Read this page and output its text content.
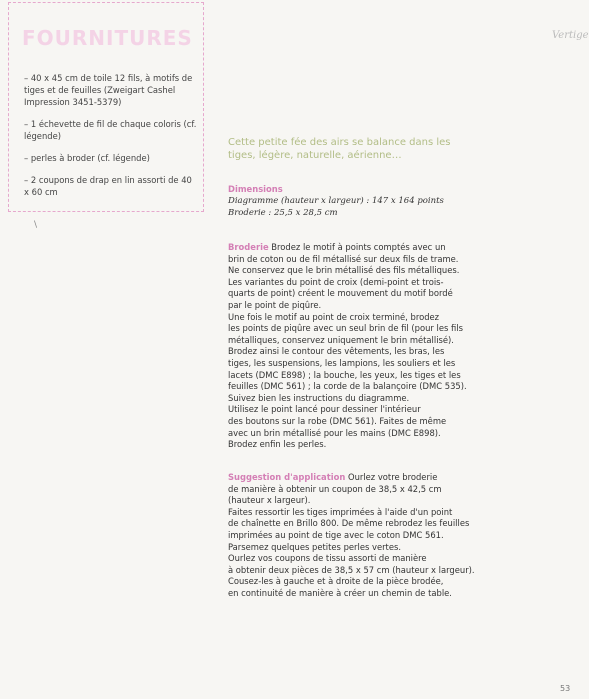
FOURNITURES
– 40 x 45 cm de toile 12 fils, à motifs de tiges et de feuilles (Zweigart Cashel Impression 3451-5379)
– 1 échevette de fil de chaque coloris (cf. légende)
– perles à broder (cf. légende)
– 2 coupons de drap en lin assorti de 40 x 60 cm
\
Vertige
Cette petite fée des airs se balance dans les tiges, légère, naturelle, aérienne…
Dimensions
Diagramme (hauteur x largeur) : 147 x 164 points
Broderie : 25,5 x 28,5 cm
Broderie Brodez le motif à points comptés avec un
brin de coton ou de fil métallisé sur deux fils de trame.
Ne conservez que le brin métallisé des fils métalliques.
Les variantes du point de croix (demi-point et trois-
quarts de point) créent le mouvement du motif bordé
par le point de piqûre.
Une fois le motif au point de croix terminé, brodez
les points de piqûre avec un seul brin de fil (pour les fils
métalliques, conservez uniquement le brin métallisé).
Brodez ainsi le contour des vêtements, les bras, les
tiges, les suspensions, les lampions, les souliers et les
lacets (DMC E898) ; la bouche, les yeux, les tiges et les
feuilles (DMC 561) ; la corde de la balançoire (DMC 535).
Suivez bien les instructions du diagramme.
Utilisez le point lancé pour dessiner l'intérieur
des boutons sur la robe (DMC 561). Faites de même
avec un brin métallisé pour les mains (DMC E898).
Brodez enfin les perles.
Suggestion d'application Ourlez votre broderie
de manière à obtenir un coupon de 38,5 x 42,5 cm
(hauteur x largeur).
Faites ressortir les tiges imprimées à l'aide d'un point
de chaînette en Brillo 800. De même rebrodez les feuilles
imprimées au point de tige avec le coton DMC 561.
Parsemez quelques petites perles vertes.
Ourlez vos coupons de tissu assorti de manière
à obtenir deux pièces de 38,5 x 57 cm (hauteur x largeur).
Cousez-les à gauche et à droite de la pièce brodée,
en continuité de manière à créer un chemin de table.
53
